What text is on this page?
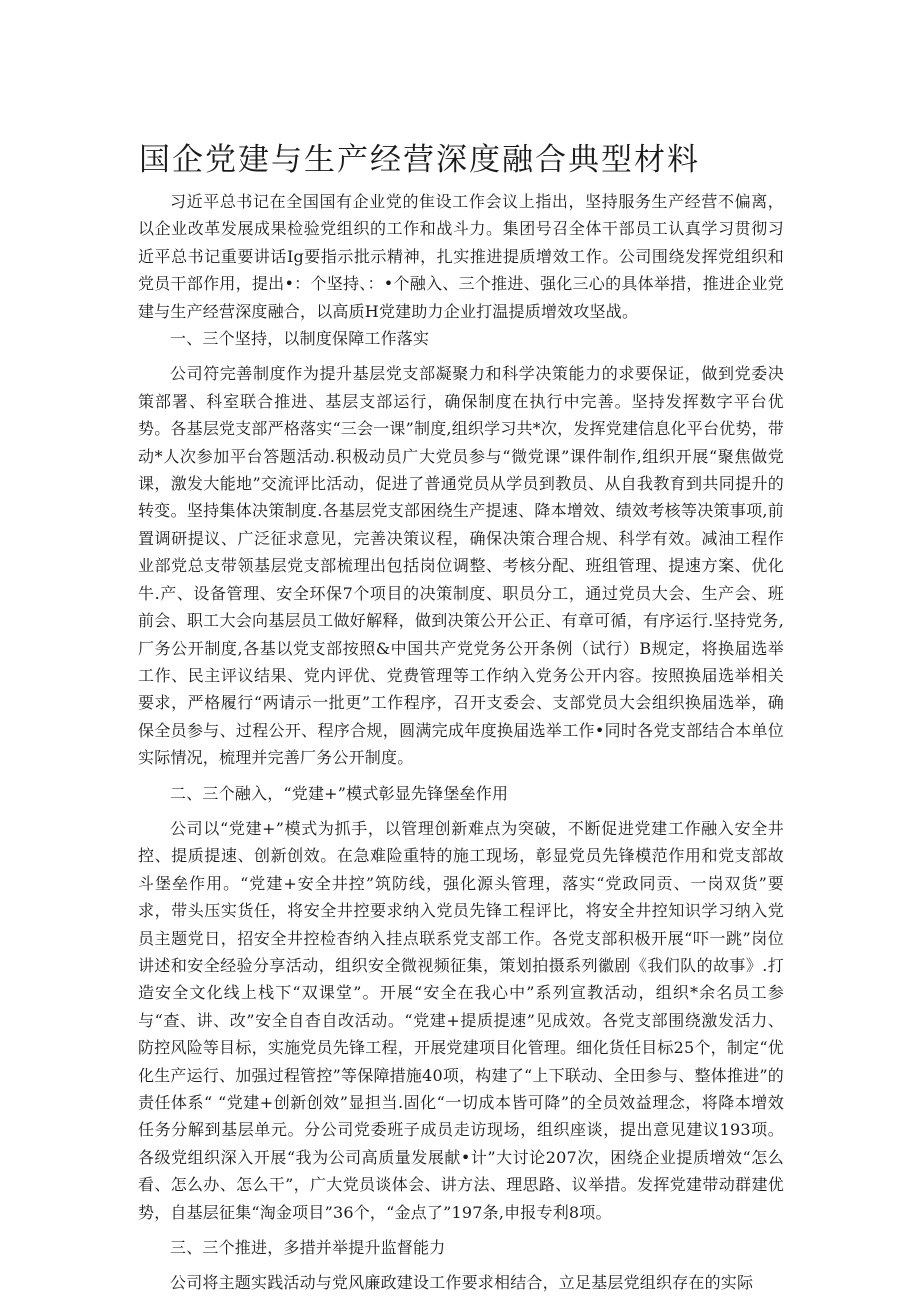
国企党建与生产经营深度融合典型材料

习近平总书记在全国国有企业党的隹设工作会议上指出，坚持服务生产经营不偏离，以企业改革发展成果检验党组织的工作和战斗力。集团号召全体干部员工认真学习贯彻习近平总书记重要讲话Ig要指示批示精神，扎实推进提质增效工作。公司围绕发挥党组织和党员干部作用，提出•：个坚持、：•个融入、三个推进、强化三心的具体举措，推进企业党建与生产经营深度融合，以高质H党建助力企业打温提质增效攻坚战。

一、三个坚持，以制度保障工作落实

公司符完善制度作为提升基层党支部凝聚力和科学决策能力的求要保证，做到党委决策部署、科室联合推进、基层支部运行，确保制度在执行中完善。坚持发挥数字平台优势。各基层党支部严格落实“三会一课”制度,组织学习共*次，发挥党建信息化平台优势，带动*人次参加平台答题活动.积极动员广大党员参与“微党课”课件制作,组织开展“聚焦做党课，激发大能地”交流评比活动，促进了普通党员从学员到教员、从自我教育到共同提升的转变。坚持集体决策制度.各基层党支部困绕生产提速、降本增效、绩效考核等决策事项,前置调研提议、广泛征求意见，完善决策议程，确保决策合理合规、科学有效。减油工程作业部党总支带领基层党支部梳理出包括岗位调整、考核分配、班组管理、提速方案、优化牛.产、设备管理、安全环保7个项目的决策制度、职员分工，通过党员大会、生产会、班前会、职工大会向基层员工做好解释，做到决策公开公正、有章可循，有序运行.坚持党务,厂务公开制度,各基以党支部按照&中国共产党党务公开条例（试行）B规定，将换届选举工作、民主评议结果、党内评优、党费管理等工作纳入党务公开内容。按照换届选举相关要求，严格履行“两请示一批更”工作程序，召开支委会、支部党员大会组织换届选举，确保全员参与、过程公开、程序合规，圆满完成年度换届选举工作•同时各党支部结合本单位实际情况，梳理并完善厂务公开制度。

二、三个融入，“党建+”模式彰显先锋堡垒作用

公司以“党建+”模式为抓手，以管理创新难点为突破，不断促进党建工作融入安全井控、提质提速、创新创效。在急难险重特的施工现场，彰显党员先锋模范作用和党支部故斗堡垒作用。“党建+安全井控”筑防线，强化源头管理，落实“党政同贡、一岗双货”要求，带头压实货任，将安全井控要求纳入党员先锋工程评比，将安全井控知识学习纳入党员主题党日，招安全井控检杳纳入挂点联系党支部工作。各党支部积极开展“吓一跳”岗位讲述和安全经验分享活动，组织安全微视频征集，策划拍摄系列徽剧《我们队的故事》.打造安全文化线上栈下“双课堂”。开展“安全在我心中”系列宣教活动，组织*余名员工参与“查、讲、改”安全自杳自改活动。“党建+提质提速”见成效。各党支部围绕激发活力、防控风险等目标，实施党员先锋工程，开展党建项目化管理。细化货任目标25个，制定“优化生产运行、加强过程管控”等保障措施40项，构建了“上下联动、全田参与、整体推进”的责任体系“ “党建+创新创效”显担当.固化“一切成本皆可降”的全员效益理念，将降本增效任务分解到基层单元。分公司党委班子成员走访现场，组织座谈，提出意见建议193项。各级党组织深入开展“我为公司高质量发展献•计”大讨论207次，困绕企业提质增效“怎么看、怎么办、怎么干”，广大党员谈体会、讲方法、理思路、议举措。发挥党建带动群建优势，自基层征集“淘金项目”36个，“金点了”197条,申报专利8项。

三、三个推进，多措并举提升监督能力

公司将主题实践活动与党风廉政建设工作要求相结合，立足基层党组织存在的实际
